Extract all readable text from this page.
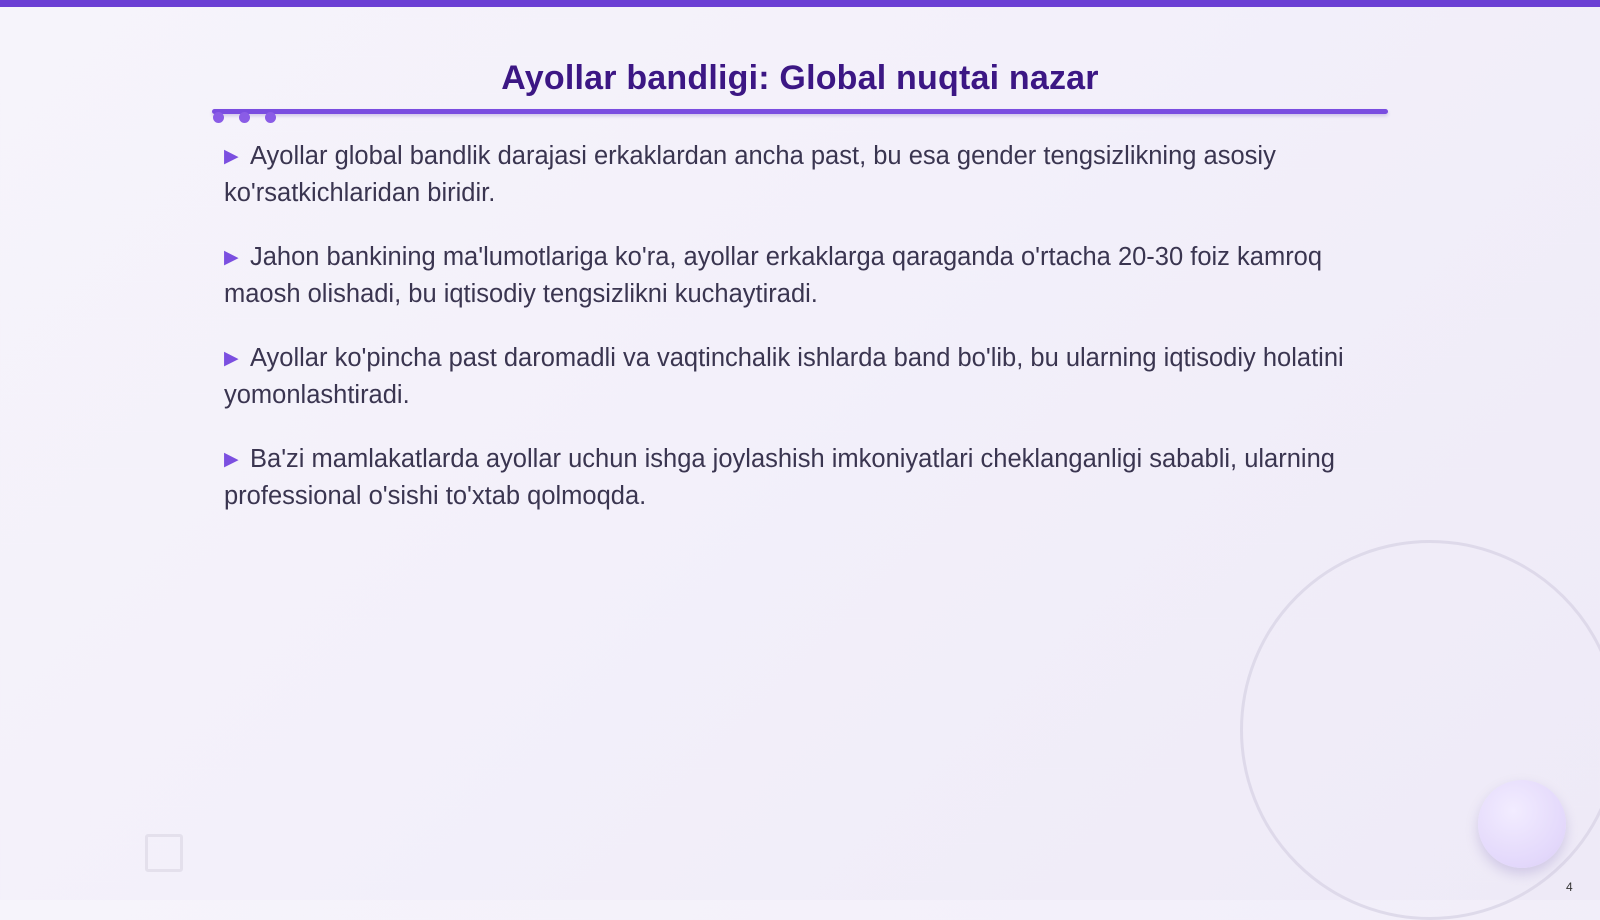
Ayollar bandligi: Global nuqtai nazar
▶ Ayollar global bandlik darajasi erkaklardan ancha past, bu esa gender tengsizlikning asosiy ko'rsatkichlaridan biridir.
▶ Jahon bankining ma'lumotlariga ko'ra, ayollar erkaklarga qaraganda o'rtacha 20-30 foiz kamroq maosh olishadi, bu iqtisodiy tengsizlikni kuchaytiradi.
▶ Ayollar ko'pincha past daromadli va vaqtinchalik ishlarda band bo'lib, bu ularning iqtisodiy holatini yomonlashtiradi.
▶ Ba'zi mamlakatlarda ayollar uchun ishga joylashish imkoniyatlari cheklanganligi sababli, ularning professional o'sishi to'xtab qolmoqda.
4
